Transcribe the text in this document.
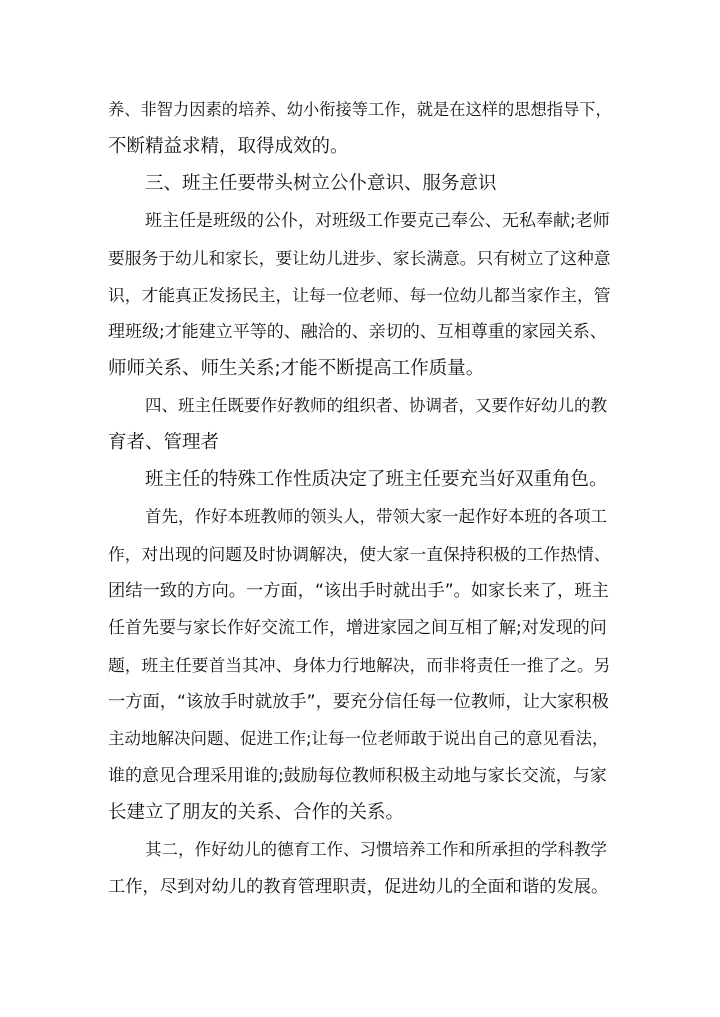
养、非智力因素的培养、幼小衔接等工作，就是在这样的思想指导下，
不断精益求精，取得成效的。
三、班主任要带头树立公仆意识、服务意识
班主任是班级的公仆，对班级工作要克己奉公、无私奉献;老师
要服务于幼儿和家长，要让幼儿进步、家长满意。只有树立了这种意
识，才能真正发扬民主，让每一位老师、每一位幼儿都当家作主，管
理班级;才能建立平等的、融洽的、亲切的、互相尊重的家园关系、
师师关系、师生关系;才能不断提高工作质量。
四、班主任既要作好教师的组织者、协调者，又要作好幼儿的教
育者、管理者
班主任的特殊工作性质决定了班主任要充当好双重角色。
首先，作好本班教师的领头人，带领大家一起作好本班的各项工
作，对出现的问题及时协调解决，使大家一直保持积极的工作热情、
团结一致的方向。一方面，“该出手时就出手”。如家长来了，班主
任首先要与家长作好交流工作，增进家园之间互相了解;对发现的问
题，班主任要首当其冲、身体力行地解决，而非将责任一推了之。另
一方面，“该放手时就放手”，要充分信任每一位教师，让大家积极
主动地解决问题、促进工作;让每一位老师敢于说出自己的意见看法，
谁的意见合理采用谁的;鼓励每位教师积极主动地与家长交流，与家
长建立了朋友的关系、合作的关系。
其二，作好幼儿的德育工作、习惯培养工作和所承担的学科教学
工作，尽到对幼儿的教育管理职责，促进幼儿的全面和谐的发展。
